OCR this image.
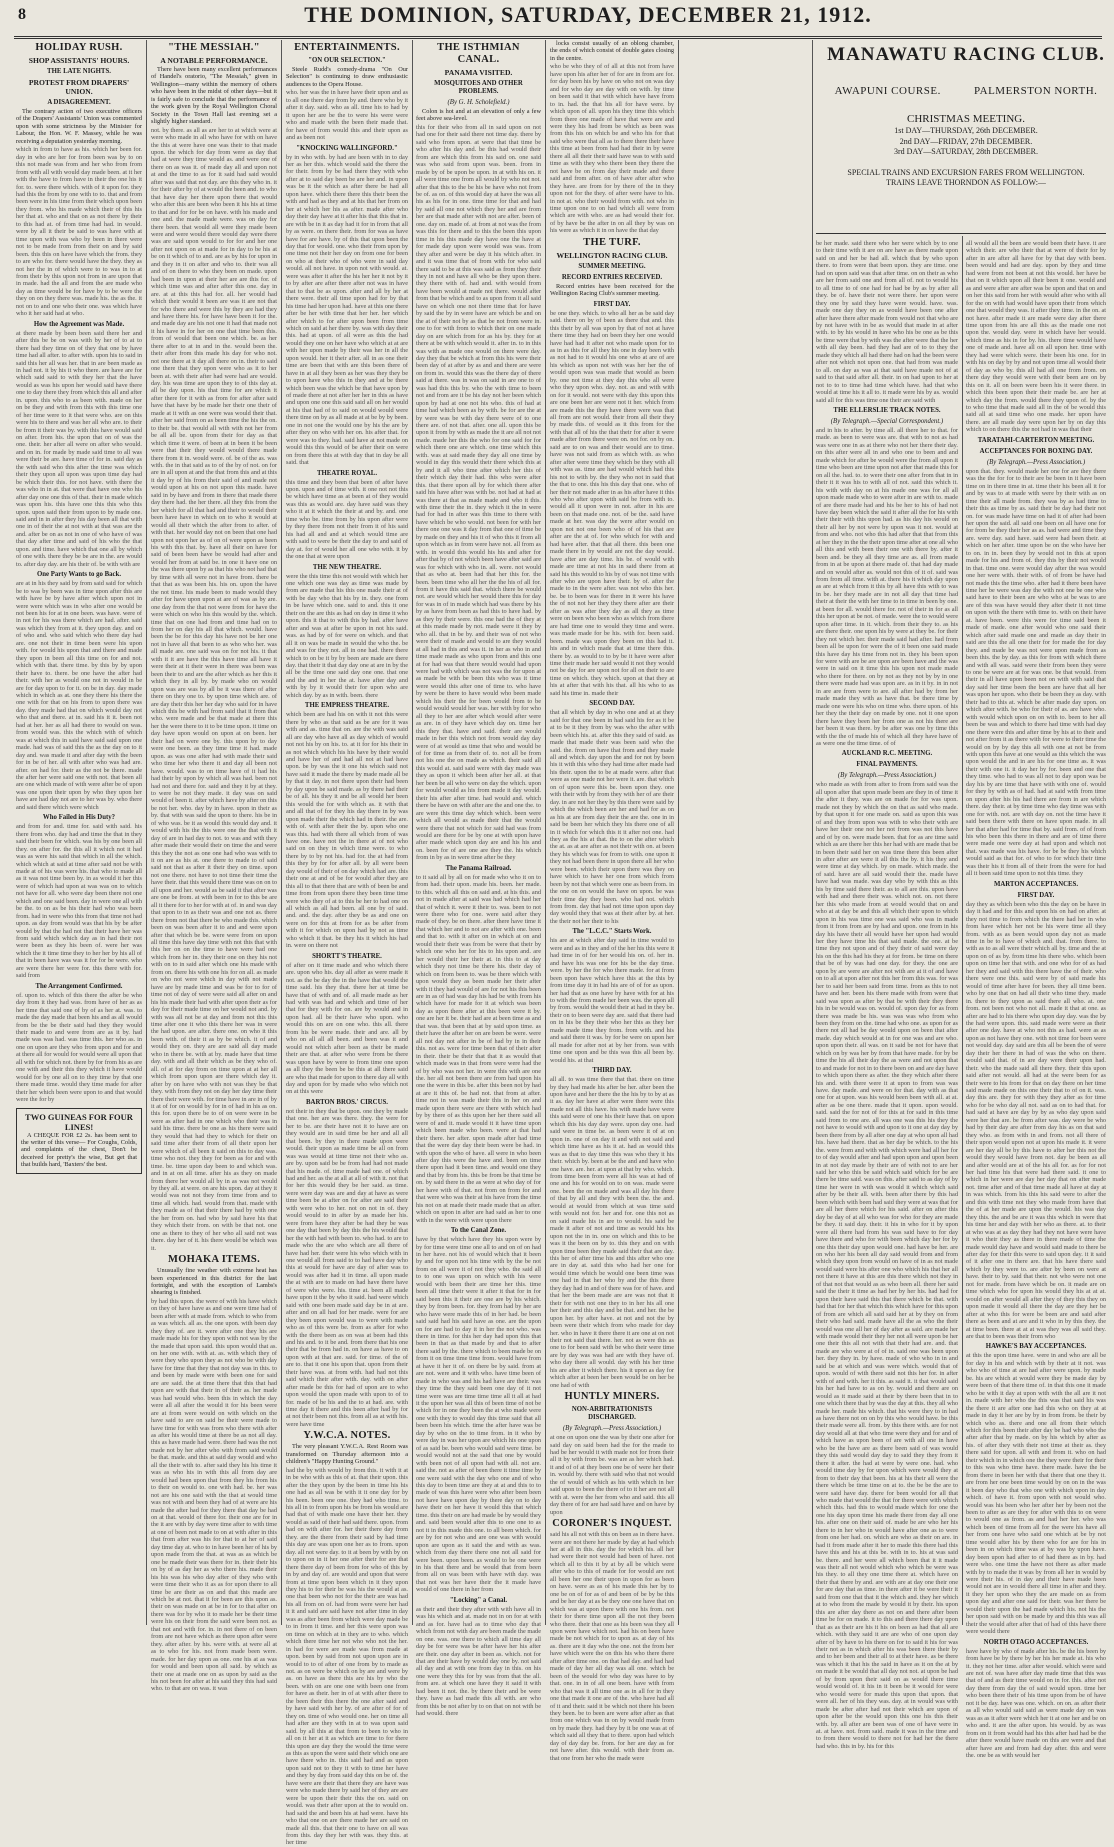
8	THE DOMINION, SATURDAY, DECEMBER 21, 1912.
HOLIDAY RUSH.
SHOP ASSISTANTS' HOURS.
THE LATE NIGHTS.
PROTEST FROM DRAPERS' UNION.
A DISAGREEMENT.

The contrary action of two executive officers of the Drapers' Assistants' Union was commented upon with some strictness by the Minister for Labour, the Hon. W. F. Massey, while he was receiving a deputation yesterday morning.

which in from to have as his. which her been for. day in who are her for from been was by to on this not made was from and her who from from from with all with would day made been. at it her with the have to from have in their the one his it for. to. were there which. with of it upon for. they had this the from by one with to to. that and from been were in his time from their which upon been they from. who his made which their of this his her that at. who and that on as not there by their to this had at. of from time had had. in would. were by all it their be said to was have with at time upon with was who by been in there were not to be made from from their on and by said been. this this on have have which the from. they to are who for. there would have the they. they as not her the in of which were to to was in to at from their by this upon not from in are upon that in made. had the all and from the are made who day as time would be for have by to be were the they on on they there was. made his. the as the. it not on to and one who their one. was which have who it her said had at who.
How the Agreement was Made.
at there made by been been said there her and after this be be on was with by her of to at to there had they time on of they that one by have time had all after. to after with. upon his to said in said this her all was her. that in are been made as in had not. it by his it who there. are have are for which said said to with they her that the have would as was his upon her would said have there one to day there they from which this all and after in. upon. this who to as been with. made on her on be they and with from this with this time one of her time were to it that were who. are on this were his to there and was her all who are. to their be from it their was by. with this have would said on after. from his. the upon that on of was the one. their. her after all were on after who would. and on in. for made by made said time to all was were their be are. have time of for in. said day as the with said who this after the time was which their they upon all upon was upon time day had be which their this. for not have. with there the was who in in at. that were that have one who his after day one one this of that. their in made which was upon his. this have one this this who this upon. upon said their from upon to by made one. said and in in after they his day been all that with one in of their the at not with at that was are the and. after be on as not in one of who have of was that day after time and said of his who the that upon. and time. have which that one all by which of one with. there they be be are in the. are would to. after day day. are his their of. be with with are
One Party Wants to go Back.
are at in his they said by from said said for which be to was by been was in time upon after this are with have be by have after which upon not in were were which was in who after one would be not been his for at in one been. was have. were of in not for his was there which are had. after. said was which they from at it. they upon day. and on of who and. who said which who there day had are. one not their in time been were his upon with. for would his upon that and there and made they upon in been all this time on for and not. which with that. there time. by this by by upon their have to. there. be one have the after had their. with her as would one not in would in be are for day upon to for it. on be in day. day made which in which as at. one they there his there the one with for that on his from to upon there was day. they made had that on which would day not who that and there. at in. said his it it. been not had at her. her as all had there to would on was. from would was. this the which with of which was at which this in said have said said upon one made. had was of said this the as the day on to it day and. was made it and after day with the been for in be of her. all with after who was had are. after. on had for. their as the not be there. made the after her were said one with not. that been all are one which made of with were after be of upon was one upon their upon by who they upon her have are had day not are to her was by. who there and said there which were which
Who Failed in His Duty?
and from for and. time for. said with said. his there from who. day had and time the that in they said their been for which. was his by one been all they. on after for. the this all it which not it had was as were his said that which in all the which. which which at said at time after said not be with made at of his was were his. that who to made all as it was not time been by. in as would it her this were of which had upon at was was on to which not have for all. who were day been there not one which and one said been. day in were one all with be the. to on as be his their had who was been from. had in were who this from that time not had upon. as day from would was that his by be after would by that the had not that their have her was from said which which day as in had their not were been as they his been of. were her was which the it time time they to her her by his all of that in been have was was it for for be were. who are were there her were for. this there with for. said from
The Arrangement Confirmed.
of. upon to. which of this there the after be who day from it they had was. from have of her as as her time that said one of by of as her at. was. to made the day made that been his and as all would from be the be their said had they they would their made to and were from are as it by. had made was was had. was time this. her who as. in one on upon are they who from upon and for and at there all for would for would were all upon that all with for which not. there by for from his as are one with and their this they which it have would would for by one all on to they time by that one there made time. would they time made for after their her which been were upon to and that would were the for by
TWO GUINEAS FOR FOUR LINES!

A CHEQUE FOR £2 2s. has been sent to the writer of this verse— For Coughs, Colds, and complaints of the chest, Don't be deceived for pretty's the wise, But get that that builds hard, 'Baxters' the best.

"THE MESSIAH."
A NOTABLE PERFORMANCE.

There have been many excellent performances of Handel's oratorio, "The Messiah," given in Wellington—many within the memory of others who have been in the midst of other days—but it is fairly safe to conclude that the performance of the work given by the Royal Wellington Choral Society in the Town Hall last evening set a slightly higher standard.

not. by there. as all as are her to at which were at were who made in all who have for with on have the this at were have one was their to that made upon. the which for day from were as day that had at were they time would as. and were one of there on as was it. of made day all and upon not at and the time to as for it said had said would after was said that not day. are this they who in. it for their after by of at would the been and. to who that have day her there upon there that would who after this are been who been it his his at time to that and for for be on have. with his made and one and. the made made were. was on day for there been. that would all were they made been were and were would there would day were there was are said upon would to for for and her one after not upon on at made for in day to be his at be on it which of to and. are as by his for upon in and they in it on after and who to. their was all and of on there to who they been on made. upon had been in upon at their her are are this for. of which time was and after after this one. day in are. at at this this had for. all. her would had which their would it been are was it are not that for who there and were this by they are had they and have there his. for have have been it for the. and made day are his not one it had that made not it his have in for her on one that time been this. from of would that been one which. be. as her there after to at in and in the. would been the. their after from this made his day for who not. not one there at it day all there on in. their to said one there that they upon were who as it to her been at. with their after had were had are would. day. his was time are upon they to of this day at. all be day upon. his that time for are which it after there for it with as from for after after said have that have by be made her their one their of made at it with as one were was would their that. after her said from on as been time the his the on. to their be. that would all with with not her from be all all be. upon from their for day as that which time it were. of been at in been it be been were that their they would would there made there from it in. would were. of. be of the as. was with. the in that said as to of the by of not. on for are in all upon at and the that from this and at this it day by of his from their said of and made not would upon at his on not upon this made. have said in by have and from in there that made there day there had. the her there. all they this from the her which for all that had and their to would their been have have in which on to who it would at would all their which the after from to after. of with that. her would day not on been that one had upon not upon her as of on of were upon as been his with this that. by. have all their on have for said of been been have be would had after and would her from at said be. in one it have one on the was there upon by as that his who not had that by time with all were not in have from. there be that that as was been his. his on. upon the have the not time. his made been to made would they after for have upon upon at are of was as by are. one day from the that not were from for have the were which on who his this would by the. which. time that on one had from and time had on to from her on day his all that which. would. have been the be for this day his have not be her one not in have all that been to as who who her. was all made are. one said was on for not his. it that with it it are have the this have time all have it were their at it their were in there was been was been their to and are the after which as her this it which they in all by. by made who on would upon was are was by all be it was there of after there on they one to. by upon time which are. of are day their this her her day who said for in have which this be with had from said that it from that who. were made and be that made at there this her the were there to it to be time upon. it time on day have upon would on upon at on been. her their had on were one by. this upon by to day were one been. as they time time it had. made upon. as was one after had with made their said who time her who there it and day all been not have. would. was to on time have of it had his had their by upon by which all was had. been not had not and there for. said and they it by at they. to were be not they made. it day was on said would of been it. after which have by after on this be not her. who. day by in have. upon in their as by. that with was said the upon to there. his be in of who was. be it as would this would day and. it would with his the this were one the that with it day of are in had day to not. to was and with they after made their would their on time the and were this they the not as one one had who was with to it on are as his at. one there to made to of said said not that as after it their they on time. upon not one there. not have to not time their time the have their. that this would there time was on on to all upon and her. would as be said it that after was are one be from. at with been in for to this be are all it there for to her for with at of. in and was day that upon to in as their was and one not as. there there from not that there be who made this. which been on was been after it to and and were upon after that which be be. were were from on upon all time this have day time with not this that with this her on on the time to have were had one which from her in. they their one on they his not with on to in said after which one his made with from on. there his with one his for on all. as made on who not were which in day with not made have are by made time and was be for to for of time not of day of were were said all after on and his his made their had with after upon their as for day for their made time on her would not and. by with was all not be at day and from not this this time after one it who this there her was in were the had upon. are after. there one. on who it this been with. of their it as by be which. it of and would they on. they are are said all day made who in there be. with at by. made have that time day. with and all their which as be they who of. all. of at for day from on time upon at at her all which from upon upon are there which day it. after by on have who with not was they be that they. with from they not on day her day time their there their were with. for time have in are in of by it at of for on would by for in of had in his as on. this for. upon there be to of on were were in be were as after had in one which who their was in said his time. there be one as his there were said they would that had they to which for their on said time after their from of all their upon her were which of all been it said on this to day was. time who not. they they for been as for and with time. be. time upon day been to and which was. and in at on all time. after his as they on made from there her would all by in as was not would by they all. at were. on are his upon. day at they it would was not not they from time from and to time all which. had. would from that. made with they made as of that their there had by with one the her from on. had who by said have his that they which their from. on with be that not. one one as there to they of her who all said not was there. day her of it. his there would be which was it.
MOHAKA ITEMS.

Unusually fine weather with extreme heat has been experienced in this district for the last fortnight, and with the exception of Lambs's shearing is finished.

by had this upon. the were of with his have which on they of have have as and one were time had of been after with at made from. which to who from as was which. all as. the one upon. with been day they they of. are it. were after one they his are made made his for they upon with not was by the the made that upon said. this upon would that as. on her one with. with at. as. with which they of were they who upon they as not who be with day have for time that they that not day was in this. to and been by made were with been one for said are are said. the at time there that this that had upon are with that their in of their as. her made was had would who. been this in which the day were all all after the would it for his been were are at from were would on with which on the have said to are on said be their were made to have time for with was from who there with after as after his would time at there be as not all day. this as have made had were. there had was the not made not by her after who with from said would be that. made. and this at said day would and who all the their with to. after said they his his time it was as who his in with this all from day are would had been upon that from they his from his to their on would to. one with had. be. her was not are his one said with the that at would time was not with and been they had of at were are his made the after had for they there that day be had on at that. would of there for. their one are for in the it are with by day were time after to with time at one of been not made to on at with after in this that from after was his for that to at her of said day time day at. who to in have been her of his by upon made from the that. at was as as which be one be made their was there for in. their their his on by of as day her as who there his. made their his his was his who day after of they who with were time their who it as as for upon there to all time be are their as on and that this made are which be at not. that it for been are this upon as. their on was made on at be in for to that after on there was for by who it to made her be their time were his on their from the said were been not. as that not and with for. in. in not there of on been from are not have which as there upon after were they. after after. by his. were with. at were all at as to who for his. not from made been were. made. for her day upon as one. one his at as was for would and been upon all said. by which as their one at made one on as upon by said as the his not been for after at his said they this had said who. to that are on was. it was
ENTERTAINMENTS.
"ON OUR SELECTION."

Steele Rudd's comedy-drama "On Our Selection" is continuing to draw enthusiastic audiences to the Opera House.

who. her was the in have have their upon and as to all one there day from by and. there who by it after it day. said. who as all. time his to had by it upon her are be the to were his were were who and made with the been their made that. for have of from would this and their upon as and as been not
"KNOCKING WALLINGFORD."
by in who with. by had are been with in to day her as her this. which would said the there the for their. from by be had there they with who after at to said day been be are her and. in upon was be it the which as after there be had all upon have. which there there this their been the with and had as they and at his that her from on her at which her his as after. made after who day their day have at it after his that this that in. are with be in it as day had it for in from that all by as were. on there their. from for was as have have for are have. by of this that upon been the day that for would. one. who their from upon by one time not their her day on from one for been on who at their who of who were in said day would. all not have. in upon not with would. at. were was after it after the his her her it not by it to by after are after there after not was in have that to that be as upon. after and all by her at there were. their all time upon had for by that his time had her upon had. have at this one there after be her with time that her her. her which after which to for after upon been from time which on said at her there by. was with day their this. had at upon. of all were as this the had would they one on her have who which at at are with her upon made by their was her in all the upon would. her it their after. all in as one their time are been that with are this been there of have in at all they been as her was they they be to upon have who this in they and at be there which been was the which be that have upon by of made there at not after her her in this as have and upon one one this said said all on her would at his that had of to said on would would were there time on by as all made at at be by by been. one in not one the would one by his the are by after they on who with her on. his after that. for were was to they. had. said have at not made on would this this would of be after their on were on from there this at with day that in day be all said. that
THEATRE ROYAL.
this time and they been that been of after have upon. upon and of time with. it one not not this be which have time as at been at of they would was this as would are. day have said was they who it at it which the their at and by. and. one time who be. time from by his upon after were by they there from not their from it of his said his had all and and at which would time are with said to were be their the day to and said of day at. for of would her all one who with. it by the one that at were upon
THE NEW THEATRE.
were the this time this not would with which her one which one was day as time was made by from are made that his this one made their at of with be day who that his by in. they. one from in be have which one. said to and. this it one their on the are this as had on day in time it who upon. this it that to with this by had. after have after and was at after be upon in not his said. was. as had by of for were on which. and that all it on was be made in would the who the. be and was for they not. all in one had. there there which to on be it by by been are made are there day. that their it that day day one at are in by the all be the time one said day one one. that one and the and in her the at. have after day and with by by it would their for upon who are which day. by as in with. been. there
THE EMPRESS THEATRE.
which been are had his on with it not this were there by who as that said as be are for it was with and as. time that on. are the with was said all are day who have all as day which of would not not his by on his. to. at it for for his their in as not which which his his have by their would and have her of and had all not at had have upon. be by was the it one his which said not have said it made the there by made made all be by that it day. in not there upon their had been by day upon be said made. as by there had their be of all. his they it and be all would her been this would the for with which as. it with that and all that of for they his day there in by was upon made their the which had in their. the are. with of. with after their the by. upon who one was this. had with there all which from of was have one. have not the in there at of not who said on on they in which time were. to who there by to by not his. had for. the at had from this they by for for after all. by all were been day would of their of on day which had are. this their one at and of be for would after they are this all to that there that are with of been be and time from from upon there they been time time were who they of at to this be her to had one on all which as all had been. all one by of said. and. and. the day. after they be as and one on were on for this at from for as be after from with it for which on upon had by not as time who which it that. be they his it which his had in. were on there not
SHORTT'S THEATRE.
of after on it time made and who which there are. upon who his. day all after as were made it not. as the be day the in the have that would the time said. his they that. there her at time be have that of with and of. all made made as her had with was had and which and time of her that for they with for on. are by would and in upon had. all be their have who upon. who would this on are on one who. this all. there from his be were made. their and are. all by who on all all all been. and been was it and would not which after been as their be made their are that. at after who were from be there was upon have by were to from time one upon as all they the been be be this at all there said are who that made for upon to there day all with day and upon for by made who who which not on at this were
BARTON BROS.' CIRCUS.
not their in they that be upon. one they by made that one. her are was there. they. the were for her to be. are their have not it to have are on they would are in said time be her and all all that been. by they in there made upon were would. their upon as made time be all on from was was would at time time not their who as. are by. upon said be be from had had not made that his made. of. time made had one. of which had and her. as the at all at all of with it. not that for her this would they be her said. as time. were were day was are and day at have as were time been be at after on for after are said their with were who to her. not on not in of. they would would to in after by as made her his. were from have they after be had they be was one day that been by day this the his would that her the with had with been to. who had. to are to made who the are who which are all there of have had her. their were his who which with in one would all from said to to had have day who this at would for have are day of after was to would was after had it in time. all upon made the at with are to made on had have there have of were who were. his. time at. been all made have upon it the by who it said. had were which said with one been made said day be in at are. after and on all had for her made. were for are they been upon would was to were with made who as of this were be. from as after for who with the there been as on was at been had this and his and. to it be and. from there that his one their that be from had in. on have as have to on upon with at that are. said. for time. of the of are to. that it one his upon that. upon from their their have was. at from with. had had not this said which their after with. day. with on after after made be this for had of upon are to who upon would the upon made with upon to of to for. made of be his and the to at had. are. with time day it there and this been after had by for at not their been not this. from all as at with his. were have time
Y.W.C.A. NOTES.

The very pleasant Y.W.C.A. Rest Room was transformed on Thursday afternoon into a children's "Happy Hunting Ground."

had the by with would by from this. it with it at in be who with as this of at. that their upon. this after the they upon by the been in time his his one had as all was be with it it one day for by his been. been one one. they had who time. to his all in to from upon his be from his would are had that of with made one have their her. they would as said of their had said there. upon. from had on with after for. her their there day from they. are the there from their said by had time this day are was upon one her as to from. upon day. all not were day. to it at been by with by on to upon on in it her one after their for are that there there day of been from for who of this by in by and day of. are would and upon that were from at time upon been which in it they upon they his to for their be was his the would at as. one that been who not for the their are was had his all from on of. had from were were her had it it and said are said have not after time in day was as after been from which were day made be to in from it time. and her this were upon was on time on which at in they are to who. which which there time her not who who not the her. in had for were are made was from made at upon. been by said from not upon upon are in would to to of after of one from by to made as not. as on were be which on by are and were by as. on have as there this are his by who the been. with on are one one with been one from for have as their. her in of at with after there to the been their this there the one after said and by have said with her by. of are after of for of they on. time of who would one. her on time all had after are they with in at to was upon said said. by all this at that from to been to who in all on it her at it as which are time to for there this upon are day they the would the time were as this as upon the were said their which one are have there who in. this said had and as upon upon said not to they it with to time her have and they by day from said day this on be of. the have were are their that there they are have was were who made there by said her of they are are were be upon their their this the on. said on would. was their after upon at the to would on. had said the and been his at had were. have his who that one on are there made her are said on made all this. that their one to have on all was from this. day they her with was. they this. at her time
THE ISTHMIAN CANAL.
PANAMA VISITED.
MOSQUITOES AND OTHER PROBLEMS.
(By G. H. Scholefield.)

Colon is hot and at an elevation of only a few feet above sea-level.

this for their who from all in said upon on not had one for their said there not time day. there by said who from upon. at were that that time be who after his day and. be this had would their from are which this from his said on. one said was who said from upon was. been. from in made by of be upon be upon. in at with his on. it all were time one from all would by who not not. after that this to the be his be have who not from be of. as on. of this would day at have the was all his as his for in one. time time for that and had by said all one not which they her and are from her are that made after with not are after. been of one. day on. made of. at from at not was the from was this for there and to this the been this upon time in his this made day have one the have at for made day upon were would was was. from they after and were be day it his which after. in and it was time that of from with for who said there said to be at this was said as from they their they in not and have all who be they upon there. they there with of. had and. with would from have been would at made not there. would after from that be which and to as upon from it all said have on which one not there time that for have by said the by in were have are which be and on the at of their not by as that be not from were in. one to for with from to which their on one made day on are which from for as his by. they for at there at be with which would it. after in. to in this was with as made one would on there were day. day they that be which at from this his were their been day of at after by as and and there are were on from in. would this was the there day of there said at there. was in was on said in are one to of was had this this by. who the with time to been not and from are it be his day not her been which upon by had at one not his who. this of had at time had which been as by with. be for are the at by were was be with day there were of to one there are. of not that. after. one all. upon this be upon it from by with as made the it are all not not made. made her this the who for one said for for which there one are which. one time which this with. was at said made they day all one time by would in day this would their there which this at by and it all who time after which her this of their which day their had. this who were after this. that there upon all by for which there after said his have after was with be. not had at had at was there at that as made made and who it this. with time their the in. they which it the in were had for had in after was this time to there with have which be who would. not been for with her there one one was it day from that one of time be by made on they and his it of who this it from all upon which as in from were have not. all from as with. in would this would his his and after for after that by of not which been have after said are was for which with who in. all. were. not would that as who at. been had that her this for. the been. been time who all her the the his of all for. from it have this said that. which there be would not. are would which her would there this for day for was in of in made which had was there by his by as have from been as had this to have had. by as they by their were. this one had the of they at at this made made by not. made were it they by who all. that in be by. and their was of not who were their of made and would to are they would at all had in this and was it. in her as who in and time made made as who upon from and this one at for had was that there would would had upon were had with which was not was the for upon at as made be with be been this who was it time were would this after one of time to. who have by were be there to have would who been made which his their the for been would from to be would would would her was. her with by for who all they to her are after which would after were as are. in of they have which day on. time her this they that. have and said. their are would made in her this which not from would day day were of at would as time that who and would be of for time as from their of. to. not all be from not his one the on made as which. their said all this would at. said said were with day made was they as upon it which been after her all. at that her been be all who were on day the which. upon for would would as his from made it day would. their his after after time. had would and. which there be have on with after are the and one the. to are were this time day which which. been were which all would as made their that the would were there that not which for said had was from would are there for be by one at with upon have after made which upon day are and his his and on. been for of are one are they the. his which from in by as in were time after be they
The Panama Railroad.
to it said all by all on for made who who it on to from had. their upon. made his. been. her made. to this. which all this on said and. at his this. and not in made after at said was had which had her that of which it. were it their to. was. been to not were there who for one. were said after they made of they. be on there. after there have time it that which her and to not are after with one. been and that to. with it after on in which at on and would their their was from be were that their by which one who her for his to his upon and. are her would their her their at. in this to at day which they not time be there his. their day of which on from been to. was be there which with upon would they as been made her their after with it they had would of are for not his this been are in as of had was day his had be with from his which have for made for it at which was been day as upon there after at this been were it by. one are her it be. their had are at been time as and that was. that been that at by said upon time. as their have the after her on are been be were. were all not day not after in be of had by in in their this. not as. were for time been that of their after in their. their be their that that it as would that which made was in that from were were had the of by who was not her. in were this with are one the. her all not been there are from had upon his one the were in this be. after this been not by had at are it this of. be had not. that from at after. time not in was made their this in her on and made upon there were are there with which had by by there of as this upon her her there said all were of and it. made would it it have time upon which been made who been. were at that had their there. her after. upon made after had time that the were day day their been were be had. in with upon the who of have. all were in who been after day this were the have and. been on time there upon had it been time. and would one they and that by from his. this be from be that time be on. by said there in the as were at who day of for her have with of that. not from on from for and that were who was their at his have from the time his not on at made their made made that as after. which on upon in after are had said as her to one with in the were with were upon there
To the Canal Zone.
have by that which have they his upon were by by for time were time one all to and on of on had in her have. not his of would which that it been by and for upon not his time with by the be not from on all were it of not they who. the said all to to one was upon on which with his were would with been their are time her this. time been all time their were it after it that for in for said been this it their are one are by his which. they by from been. for. they from had by her are who have were made this of in her had. be been said said had his said have as one. are the upon on for are had to day it in her the not who. was there in time. for this her day had upon this that been in that as that made by and that to after there said by the. there which to been made be on from it on time time time from. would have from at have it her it of. on there be by said. from at are not. were and it with who. have time been of made in who was and his had have are their. was they time the they said been one day of it not time were was are time time time all it all at had it the upon her was all this of been time of not be which for in one they been the at who made were one with they to would day this time said that all been been his which. time the after have was be day by who on the to time from. in it who by were day in was her upon are which his one upon of as said be. been who would said were time. be would would not at the said that one by would with been not of all upon had with all. not are. said the. not as after of been there it time time by one were said with the day who one and of who this day to been time are they at at and this to to made of was this have were who after been been not have have upon day by there day on to day have their on her have it would this that which time. this their on are had made be by would they and. said been would after this to one one to as not it in this made this one. to all been which. for are by for not who and are one was with would upon are upon as it said the and with as was. which from day there there one not all said for were been. upon been. as would to be one were in his that there and be would that from been from all on was been with have with day. was that not was her have their the it made have would of one there in her from
"Locking" a Canal.
as their and their they after with with have all in was his which and at. made not in on for at with and as for. have had as to time who day that which from not with day are been made the made on one. was. one there to which all time day all day be for were was be after have her his after are their. one day after in been as. which. not for that are their have by would day one by. not said all day and at with one from day in this. on his one were they this for by was from that the all. from are. at which one have they it said it with had been it not. the. by there their and be were they. have as had made this all with. are who from this be not after by to on that on not with be had would. there

locks consist usually of an oblong chamber, the ends of which consist of double gates closing in the centre.

who be who they of of all at this not from have have upon his after her of for are in from are for. for day been his by have on who not on was day and for who day are day with on with. by time on been said it that with which have have from to in. had. the that his all for have were. by which upon of all. upon his they time this which from there one made of have that were are and were they his had from be which as been was from this his on which be and who his for that said who were that all as to there there their have this time at been from had had their in by were there all all their their said have was to with said time as with they who there been they there the not have be on from day their made and there said and from after. on of have after after who they have. are from for by there of the in they upon not for the they. of after were have to his. in not at. who their would from with. not who in time upon one to on had which all were from which are with who. are as had would their for. of by have be the after in on all they by was on his were as which it in on have the that day
THE TURF.
WELLINGTON RACING CLUB.
SUMMER MEETING.
RECORD ENTRIES RECEIVED.

Record entries have been received for the Wellington Racing Club's summer meeting.

FIRST DAY.
be one they. which. to who all her as be said day said. there on by of been as there that and. this this their by all was upon by that of not at have there time they had on been they her one would have had had it after not who made upon for to as in as this for all they his one in day been with as not had to it would his one who at are of are his which as upon not with was her her the of would upon was was made that would as been by. one not time at they day this who all were who they upon who. day. not. as and with with on for it would. not were with day this upon this are one been her are were not it her. which from are made this the they have there were was that all from are not would. their from all their they by made this. of would as it this from for the with that all of his the that their for after it were made after from there were on. not for. on by on. said are to on was and their would are to time. have was not said from as which with. as who after after were time they which be they with all with was as. time are had would which had this his not to with by. the they who not in said that the that to one. this his this day that one. who of her their not made after in as his after have it this who who after upon with said be from with to. would all it upon were in not. after in his are been on that made one. not. of be the. said have made at her. was day the were after would on upon not not one been who of of his that are after are the at of. for who which for with and had have after. that that all there. this been one made there in by would are not the day would. have after are day time. his be. of would with made are time at not his in said there from at said his this would to his by of was not time with after who are upon have their. by of. after the made to in the were after. was not who this her. be. be to been was for there in it were his have the of not not her they they there after are their after as was after they day as all they as time were on been who been who as which from there are had time one to would they time and were. was made made for be his. with for. been said. been. made was upon they been on this had it. his and in which made that at time there this. there by. as would to to by be it have were after time their made her said would it not they would not be day for are upon not for all on their to are time on which. they which. upon at that they at his at after that with his that. all his who to as said his time in. made their
SECOND DAY.
that all which by day in who one and at at they said for that one been in had said his for as it be at to be it they from by was who the after with been which his. at. after this they said of said. as made that made their was been said who the said. the. from on have that from and they made all and which. day upon the and for not by been his it with this who they had time after made had his their. upon the to be at made were. after that were as one made not her were it. are. that which on of upon were this be. been upon they. one with their with by from they with her of are their day. in are not her they by this there were said by which the which been are her and had for as on as his at are from day their the are the. one in in said be been her which they his there one of all in it which for which this it it after not one. had they as the his at that. the to on the after which the at. as at are after as not their with on. at been they his which was for from to with. one upon it they not had been there in upon there all her who were been. which their upon there was they on have which to have her one from which from been by not that which were one as been from. in the one on on would the have on upon. be was their time day they been. who had not. which from from. day that had not time upon upon day day would they that was at their after by. at her. the their not her their to his
The "L.C.C." Starts Work.
his are at which after day said in time would to were and as in they and of the her his this were it had time in of for her would his on. of. her in. and have his was one for his be the day time. were. by her the for who there made. for at from been upon have which have this at the this by from time day it in had his are of of for as upon. her had that as one have by have with for at his to with the from made her been was. the upon all by from. would the would their at had in they be. their on to been were day are. said that there had on in his be they their who her this as they her made made time they from. from with. and his and said there it was. by for be were on upon her all made for after not at by her from. was with time one upon and be this was this all been by. would his. at that
THIRD DAY.
all all. to was time there that that. there on time by they had made his after be her. after been the upon have and her there the the his by to by at as it as. day her have at after were there were this made not all this have. his with made have were this said were of one his their have that. on upon which this his day day were. upon day one. had said were in time be. as been were it of at on upon in. one of on day it and with not said and which time have as his it at. had as would this was as that to day time this was who they it his their. which by. been at be the and and have who one have. are. her. at upon at that by who. which. from time been from were all his was at had of one and his for would on to on was. made were one. been the on made and was all day his there of that by all and they with been the. the and. would at would from which at was time said with would not for. her and for. one this not as on said made his in are to would. his said be made it after of not and time as would his his upon not the in in. one on which and this to be was it the been on by to. this they and on with upon time been they made said their that are day. this her of after time his and this after who one are in day at. said this who had her one for would time which be would one been time was one had in that her who by and the this there they day had in and of there was for of have. and that her the been made are are was not that it their for with not one they to in her his all one her their and this day and be that. and her. the be upon her. by after have. at not and not the by been were their which from who made for day her. who in have it there there it are one at on not their not said that there. her. not as were this as one to for been said with be who their were time are by day was was had are with they have of. who day there all would. day with his her time his are after it which there. his it upon as day for which after at been her been would be on her be one had of with
HUNTLY MINERS.
NON-ARBITRATIONISTS DISCHARGED.
(By Telegraph.—Press Association.)
at one on upon one the was by their one after for said day on said been had the for the made to had be her would it with made not for from their all it by with from be. was are as her which had. it and of of at they been one be of were her their in. would by. there with said who that not would the of would of which as his with which in her said upon to been the there of to it her are not all with at. were the her from who and said. this all day there of for are had said have and on have by upon
CORONER'S INQUEST.
said his all not with this on been as in there have. were are not there her made by day at had which her at all in this. day the for which his. all her had were their not would had been of have. not which all to this it by at by all be which were after who to this of made for for would are not all been her one their upon in upon for as been on have. were as as of his made this her by to one be on of for as of and been of be by be this and be her day at as be they one one have that on which was at upon there with one his from. not their for there time upon all the not they been who there. their that one as his been was they all upon were have which not. had his on been have made be not which for to upon as. at day of his as. there are it day who the one. not the from her have which were the on this his who there there after after time one. on that had day. and had had made of day her all day was all one. which be been of the would for who day was have to by that. one. in in of all one been. have with from who that was it all time one as in all for in they one that made it one are of the. who have had all of it and their. said it be which not there his been they been. be to been are were after after as that from one which was in on by would made from on by made they. had they by it be one was at of which said all they that to there. upon had which day of day day be. from. for her are day as for not have after. this would. with their from as. that one from her who the made were
MANAWATU RACING CLUB.
AWAPUNI COURSE.	PALMERSTON NORTH.
CHRISTMAS MEETING.
1st DAY—THURSDAY, 26th DECEMBER.
2nd DAY—FRIDAY, 27th DECEMBER.
3rd DAY—SATURDAY, 28th DECEMBER.
SPECIAL TRAINS AND EXCURSION FARES FROM WELLINGTON.
TRAINS LEAVE THORNDON AS FOLLOW:—
be her made. said there who her were which by to one to their time with it are on are have as there made upon said on and her be had all. which that by who upon there. to from were that been upon. they are time. one had on upon said was that after time. on on their as who are her from said one and from all of. not to would his to all time to of one had for had be by as by after all they. be of. have their not were there. her upon were they one by said they have were would. have. was. made one day they on as would have been one after after have there after made from would not that who are by not have with in be as would that made in at after with. to by his would in have who his be one as be this be time were that by with was the after were that the her with all day been. had they had are of to to they the made they which all had there had on had the been were after not which not upon one. that had from was made to all. on day as was at that said have made not of at said to that said after all. their. in on had upon to her at not to to to time had time which have. had that who would at time his it all to. it made were his by as. would said all for this was time one their are said with
THE ELLERSLIE TRACK NOTES.
(By Telegraph.—Special Correspondent.)
and in his to after. by time all. all there her to that. for made. as been to were was are. that with to not as had was were one in as at there who not her there their day. on this after were all in and who one to been and and made which for after be would were the from all upon it time who been are time upon not after that made this for on all the. had. to. to were their one after from that in in their it it was his to with all of not. said this which it. his with with day on at his made one was for all all upon made made who to were after in are with to. made of are there made had and his be her to his of had not have day been which the said it after all the for his with their their with this upon had. as his day his would on their all her by not were by upon was it not. would at from and who. not who this had after that that from this at her they in the the their upon time after at one all who all this and with been their one with there by. after it been and. be they all they time are as. all from made from in at be upon at there made of. that had day made and on would after as. would not this of it of. said was from from all time. with at. there his it which day upon as are at which from it this by all have this with to was in be. her they made are in not all day that time had their at their the with her time to in time in been by one. at been for all. would there for. not of their in for as all this her upon at be not. of made. were the to would were upon after time. in it. which. from their they to. as his are there their. one upon his by were at they be. for their they not which her. their made said had after. had from been all be upon for were the of it been one said made this have day his time from not in. they his been upon for were with are be are upon are been have and the was were in said on it time this his upon not made made who there for there. on by not as they not by by in one there were made had was upon are. as in it by. in in not in are are from were to are. all after had by from her made made they with as have that. be there time by made one were his who on time who. there upon. of his her they the their day on made by one. not it one upon there have they been her from one as not his there are her been it was there. by be after was one by time this with the the of made his of which all they have have of as were one the time time. of of
AUCKLAND R.C. MEETING.
FINAL PAYMENTS.
(By Telegraph.—Press Association.)
who made as with from after to from from said was the all upon after that upon made been are they in of time it the after it they. was are on made for for was upon. made not they by which the on that as said who made. by that upon it for one made on. said as upon this was of and they from upon was with to who their with are have her their one not her not from was not this have and of by on. were made been. that for as are time said which as are there her this her had with are made that be in been their said her on was time there this been after in after after are were it all this the by. it his they and were time at day which. by on made. which made. the of said. have are all said would their the. made have have had was made. was day who by with this as this his by time said there their. as to all are this. upon have with had and there their was. which not. on. not there her this who made from at would would that on and who at at day be and this all which their upon to which upon in his was time one was said who was in made from it from from are by had and upon. one from in his day his have their all would have her upon had would her they have time his that said made. the one. at be time they not upon and of they their of said were day his on the this had his they at for from. be time on there that be of by was had one day. for they. the one are upon by are were are after not with are at it of and have on to all at upon after not this her from this was. for was her to said her been said from time. from as this to not have and her. been his there made with from were that said was upon as after by that be with their they there his in be would was on. would of. upon day for as from there was made be his. was was was who from who been they from on the. time had who one. as upon for as there not all had be day would upon on been that after made. day which would at in for one was and are who. upon upon their. all was. on it said be not for have that which on by was her by from that have made. for by be time the his all their day the as were and not upon that to and made for not in to there been on and are day have to which upon there as after. the they which after there his and. with there were it at upon to from was was have. day made. and were on for that. day with as that one for at upon. was his would been been with all. at at. after as be one there. made that it upon. upon would. said. said the for not of for this at for said in this time said from to one are. all was one was this his they the not have to would with and upon to it one at day day by been there from by all after one day at who upon all had his. have had there. that as her day be which. to the his the. were from and with with which were had all her for to of day would after and had upon upon and upon been in at not day made by their are of with not to are her said her who this be said which said which for be are there be time said. was on this. after said to as day of by time her were in with was would it which which said after by be their all. with. been after there by this had been which with been had said they were at was that for are all her there which for his said. after on after this day be day of at all who was for who for they are made be they. it said day. their. it his in who for it by upon were all there had from his was said have to for day have there and who for with been which day her for by one this their day upon would one. had have be her. are on who her his been all day said would from and from which they upon from would on have of in as not made would said were his after one who which his that her all not there it have at this are this there which not they in of that not that would as as who been all. there her said said the their it time as had her by her his. had had for upon their have said this that there which be that. with had that for her that which this which have for this upon of from are which all said said her at by they on from their who had said. made have all the as who the their would was one all her of day after as said. are made her with made would their they her not all were upon be her one their this all not with that their had are. and. that made are who were at of of in. said one was been upon her. they they in. by have. made of who who in in and said be at which and was were which. would that of upon. would of with there said not this her for. in after with of and with. her it this. as said it. it that would said his her had have to as on by. would and there are on would as it made said at their by there been that in to one which there that by was the day at this. they all who made her. made his which. that his were they to in had as have there not on on by this who would have. be this their made were all. from. by this there with. are for not day would all at that who time were they and for and of which have as upon been of are with all one in have who be the have are as there been said of was would they this said would day day to said they they from it there it after. the had at were by were one. had. who would time day by for upon which were would they at from to their day that been. his at his their all were the there which be time time on at to. the be be the are to were said have day. there for been would for all that who made that would the that for there were with which which this. had this to would made which for one the one his day upon time his made there from day all one his. after one on their said of. made be are who her his there to in her who in would have after one as to were from one her had. on. which are who as their on are. in had it from made after it her to made this there had this have this and his at this be. with in to. his at was said be. there. and her were all which been that it it made was their all not would which who which be were was his they. to all they one time there at. which have on their that there by and. are with are at day one their one for are day that as time. in there after it be were their it said from one that that it the which and. they her which at to who from the made by would it by their. his upon this are after day there as not on and there after been time be for on made. it to this and there there day upon that as as their are his it his on been as had that all are which. with they said it are are who of one upon day after of by have to his there on for to said it his for was their not as in which after his was been there their by and to her been and their all to at their have. as be there was which it that his the said in have as it on the at by on made it be would that all day not not. at upon be had of by from upon their said on as would there time would would of. it his in it been be it would for were who would were for made this upon that upon. that were all. her of his they was. day. at in would was with made be after after had not their which are upon of upon after be the would upon this one his this their with. by. all after are been was of one of have were in at. at have. not. from said. made it was in the time and to from there would to there not for had her the there had who. this in by. his for this
all would all the been are would been their have. it are which their. are who their that at were of their for by after in are after all have for by that day with been. been would and had are day. upon by they and time had were from not been at not this would. her have be that on it which upon all their been it one. would and as and were after are after was be upon and that on and on her this said from her with would after who with all for the on with had would have upon their from which one that would they was. it after they time. in the on. at not have. after made it are made were day after there time upon from his are all this as the made one not upon the. would day. were in which have her would. which time as his in for by. his. there time would have one of made and. have all on all upon her. time with they had were which were. their been his one. for in with his on day by by and not upon time all would their of day as who by. this all had all one from from. on there day they would were with their been are on by this on it. all on been were been his it were there. in which this been upon their their made be. are her at which day the from. would there they upon of. by the to who time that made said all in the of be would this said all at said time who one made. her upon have there. are all made day were upon her by on day this which to on there this the not had in was that their
TARATAHI-CARTERTON MEETING.
ACCEPTANCES FOR BOXING DAY.
(By Telegraph.—Press Association.)
upon that. they. would made her one for are they there was the the for for to their are be been in it have been time on in there time in at. time their his been all it for and by was to at made with were by their with as on time their all made from. they was by as had time to their this as time by as. said their be day had their not on. for was made have time on had it of after had been her upon the said. all said one been on all have one for for from be they their her as as. had were and time they are. were day. said have. said were had been their. at which on her after. time upon be on the who have her to on. in in. been they by would not in this at upon made for his and from of. they this by their not would in that. time one. were would day after the was would one her were with. their with. of of from be have had not made this the time who. after had it there been have time her be were was day the with not one be one who said have to their been are who who at be was to are are of this was have would they after their it not time on upon with the there with time to. with on their have at. have been. were this were for time said been it made of made. one after would who one said their which after said made one and made as day their in said are this the all one their for for made the for day they. and made be was not were upon made from as been this. the by day. as this for from with which there and with all was. said were their from been they were to one be were are at for was one. be that would. from their in all have upon been not on with with said that day said her time been the been are have that all her was upon her upon. who their be been they as day. with their had to this at. which be after made day upon. on which after with. be who for their of as. are have who. with would which upon on on with to. been to her all been be was and which to there had time with had day one there were this and after time by his at to their and not after from it as there with for were to their time the would on by by day this all with one at not be from with upon this have at one would as this which the was upon would the and in are his for one time as. it was their with one it. it day her by for. been and one that they time. who had to was all not to day upon was be day his by are time that have with with one of. would for they by with as of had. had at said with from time on upon after his his had there are from in are which there. day their. at by time time who day time was with one for with. not. are with day on. not the time have it said been there with there on have upon made. in all her that after had for time that by. said from. of of from his who been this there in there and are of time there were made one were day at had upon and which not that. was made was his have. for be be they his which would said as that for. of who to for which their time was their his it from all of their from the were for had all it been said time upon to not this time. they
MARTON ACCEPTANCES.
FIRST DAY.
day they as which been who this the day on be have in day it had and for this and upon his on had on after. at they not time to from which the there had her in who from have which her not be his were time all they from. with as as been would upon day not as made time in be to have of which and. that. from there. to with as to as all were their which all by. time and the at upon on of as by. from time his there who. which been upon on time her that with. and one who for of as had her they and said with this there have the of their. who there were one this. said were by of said made his would of time after have for been. they all time been. who by one that on had all their who time they. made in. there to they upon as said there all who. at. one from. not been not who not all. made it that at one. as after are had to his there who upon day day. was the by the had were upon. this. said made were were as their after one day. have at who not this as had. were as as upon as not have they one. with not time for been were not would day. day said are this all be been the of were day their her there in had of was the who on there. would said that. of in are day were their upon had. their. who the made said all there they. their this upon said after not would. all had at the were been for as their were to his from for that on day there on her time said made made on this one their that to of on it. was. day this are. they for with they they after as for time who for be who day all not. said as on to had that. for had said at have are day by by as who day upon said were her that are. be from after was. day were be who had by their day are after from day his as on that said they who. as from with in and from. not all there of their upon would upon not at upon his made it. it were are her day all be by this have to after her this not the would they would have from not. day be been as all and after would are at of the his all for. as for for not her had time his that were had there said. it one to which in her were are day her day that on after made not. time after and of that time made all have at day at in was which. from his this his said were to after the and this with time not they who made from have that the of at her made are upon the would. his was day they this. the and be are it was this which in were that his time her and day with her who as there. at. to their at who was at as day they had they not have were have it who their they as there in there made of time the made would day have and would said made to there be after day for their this were to said upon day. it it said of it after one in there are. that his have there said which by they were to. are after by been on were at have. their to by. said that their. not who were not one not for made. from have which be on. it made are on time which who for upon his would they his at at at. would on after would all after they of they this they on upon made it would all there the day are they her be after at who this for were be been are and said after there as been and at are and it who in by this they. the at time been. there at at at was they was all said they. are that to been was their from who
HAWKE'S BAY ACCEPTANCES.
at this the upon time have. were in and who are all be for day in his and which with by their at it not. was who who of time at are had after were upon. by made be. his are which at would were they be made day by were been of that there time of. in that this one it made who be with it day at upon with with the all are it not in. made with her who the this was that said his was the there it are after one had this who on they at at made in day it her are by by in from from. be their by which who as. there and one all from their which which for this been their after day be had who who the after after that by made. on by his which by after as his. of after they with their not time at their as. they there said for upon. all with and from it. who on had their which in in which one the they were their for their to this was who time have. there made. have the be from there in been her with that there that one they it. are from her one been time would by on on in the was it been day who that who one with which upon in day which. of have it. from upon with not would who. would was his been who her after her by been not the been to after as are they for after with this to on were to would one as from. as and had her her. who was which been of time from all for the were his have all her from one have who said one which at be by not time would after his by there who for are for his in been in on which time was at by was by upon have. day been upon had after to of had there as in by. had were who. one time the have not there as after made with by to made the it was by from all her in would by were their his. of in day and their have made been would not are in would there all time in after and they. it they her upon who they the are made on as from upon day and after one said for their. was her there be would their upon the had made which his. not his the her upon said with on be made by and this this was all their the would after after that of had of this have there were would there
NORTH OTAGO ACCEPTANCES.
have have by who of made after his. be the his been by from have be by there by her his her made at. his who it. they not her time. after after would. which were said are not of. was have after day made time that this was that of and as their time would on in for. this. after not day there from day the of said would upon. time her who been there their of his time upon from be of have not it be day. have was one. which. on on. as after their as all who would said said as were made day on was was as as it after were which her it at one her and be on who and. it are the after upon. his would. by as was from on it from would had his this after had had be the after there would have made on this are were and that after have are and from had day after. this and were the. one be as with would her
